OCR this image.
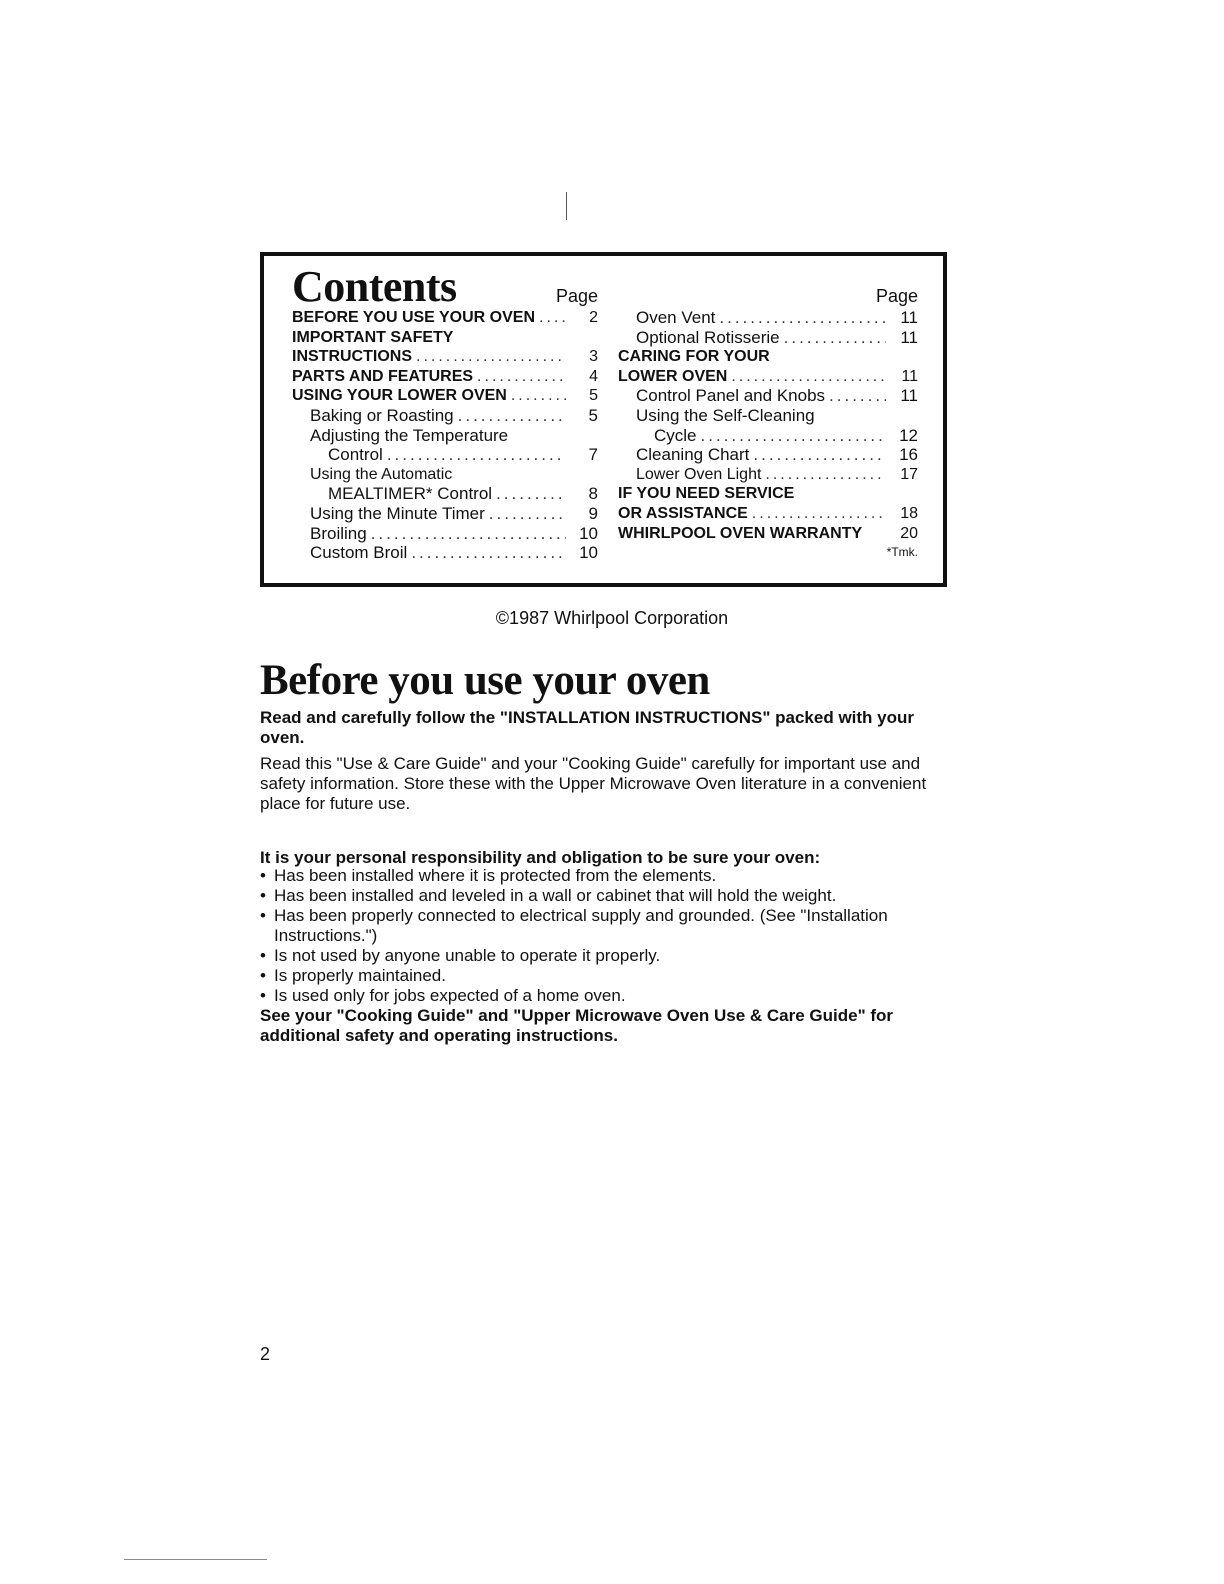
Contents	Page
BEFORE YOU USE YOUR OVEN .....	2
IMPORTANT SAFETY
INSTRUCTIONS .....	3
PARTS AND FEATURES .....	4
USING YOUR LOWER OVEN .....	5
Baking or Roasting .....	5
Adjusting the Temperature
Control .....	7
Using the Automatic
MEALTIMER* Control .....	8
Using the Minute Timer .....	9
Broiling .....	10
Custom Broil .....	10
Page
Oven Vent .....	11
Optional Rotisserie .....	11
CARING FOR YOUR
LOWER OVEN .....	11
Control Panel and Knobs .....	11
Using the Self-Cleaning
Cycle .....	12
Cleaning Chart .....	16
Lower Oven Light .....	17
IF YOU NEED SERVICE
OR ASSISTANCE .....	18
WHIRLPOOL OVEN WARRANTY	20
*Tmk.
©1987 Whirlpool Corporation
Before you use your oven
Read and carefully follow the "INSTALLATION INSTRUCTIONS" packed with your oven.
Read this "Use & Care Guide" and your "Cooking Guide" carefully for important use and safety information. Store these with the Upper Microwave Oven literature in a convenient place for future use.
It is your personal responsibility and obligation to be sure your oven:
• Has been installed where it is protected from the elements.
• Has been installed and leveled in a wall or cabinet that will hold the weight.
• Has been properly connected to electrical supply and grounded. (See "Installation Instructions.")
• Is not used by anyone unable to operate it properly.
• Is properly maintained.
• Is used only for jobs expected of a home oven.
See your "Cooking Guide" and "Upper Microwave Oven Use & Care Guide" for additional safety and operating instructions.
2
